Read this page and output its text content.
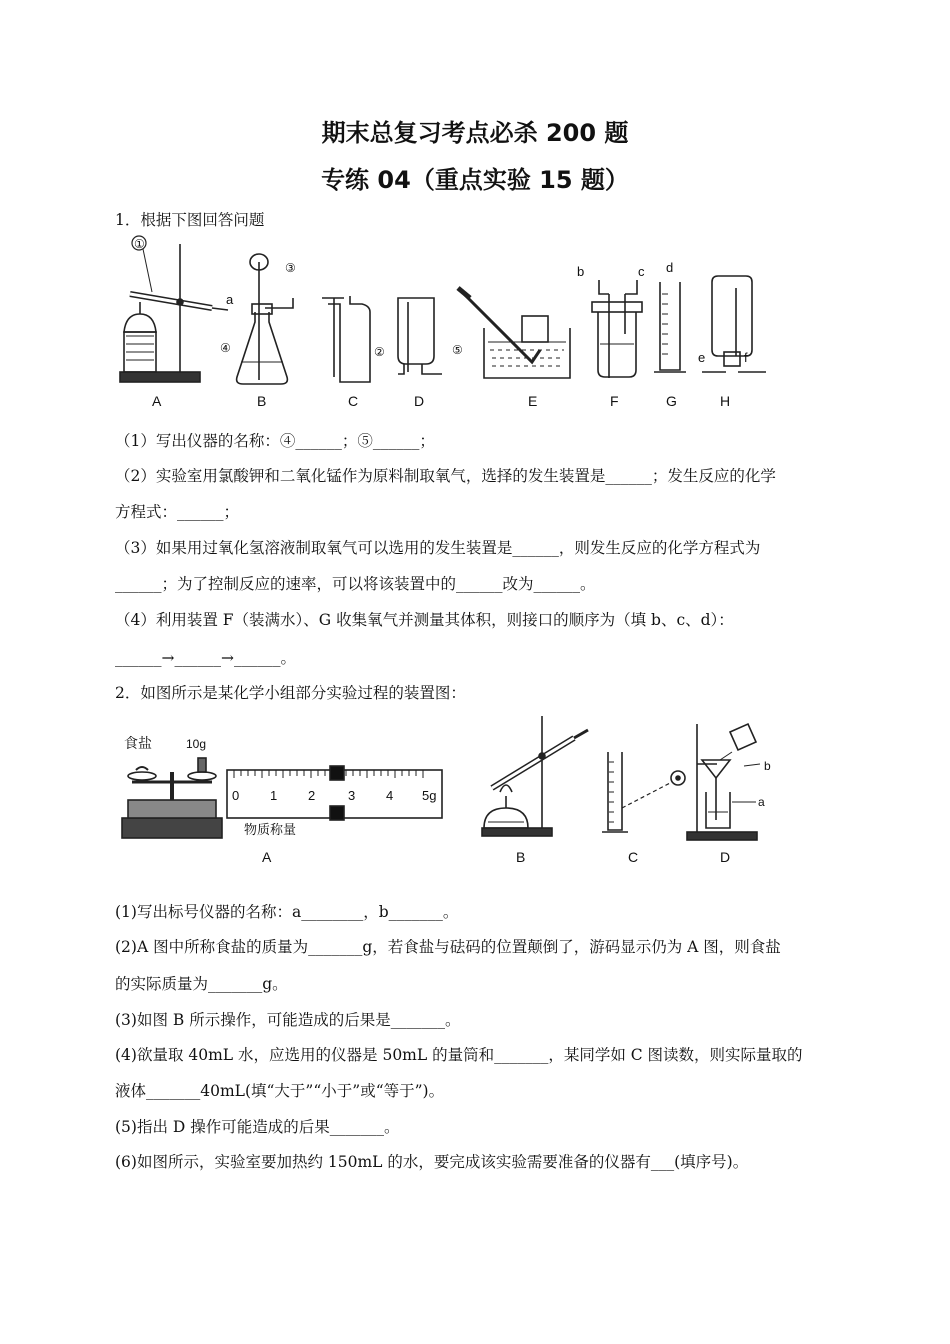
期末总复习考点必杀 200 题
专练 04（重点实验 15 题）
1．根据下图回答问题
①
a
③
④	②	⑤
b	c d
e	f
A	B	C	D	E	F	G	H
（1）写出仪器的名称：④______；⑤______；
（2）实验室用氯酸钾和二氧化锰作为原料制取氧气，选择的发生装置是______；发生反应的化学
方程式：______；
（3）如果用过氧化氢溶液制取氧气可以选用的发生装置是______，则发生反应的化学方程式为
______；为了控制反应的速率，可以将该装置中的______改为______。
（4）利用装置 F（装满水）、G 收集氧气并测量其体积，则接口的顺序为（填 b、c、d）：
______→______→______。
2．如图所示是某化学小组部分实验过程的装置图：
食盐	10g
0 1 2	3 4 5g
物质称量
b
a
A	B	C	D
(1)写出标号仪器的名称：a________，b_______。
(2)A 图中所称食盐的质量为_______g，若食盐与砝码的位置颠倒了，游码显示仍为 A 图，则食盐
的实际质量为_______g。
(3)如图 B 所示操作，可能造成的后果是_______。
(4)欲量取 40mL 水，应选用的仪器是 50mL 的量筒和_______，某同学如 C 图读数，则实际量取的
液体_______40mL(填“大于”“小于”或“等于”)。
(5)指出 D 操作可能造成的后果_______。
(6)如图所示，实验室要加热约 150mL 的水，要完成该实验需要准备的仪器有___(填序号)。
